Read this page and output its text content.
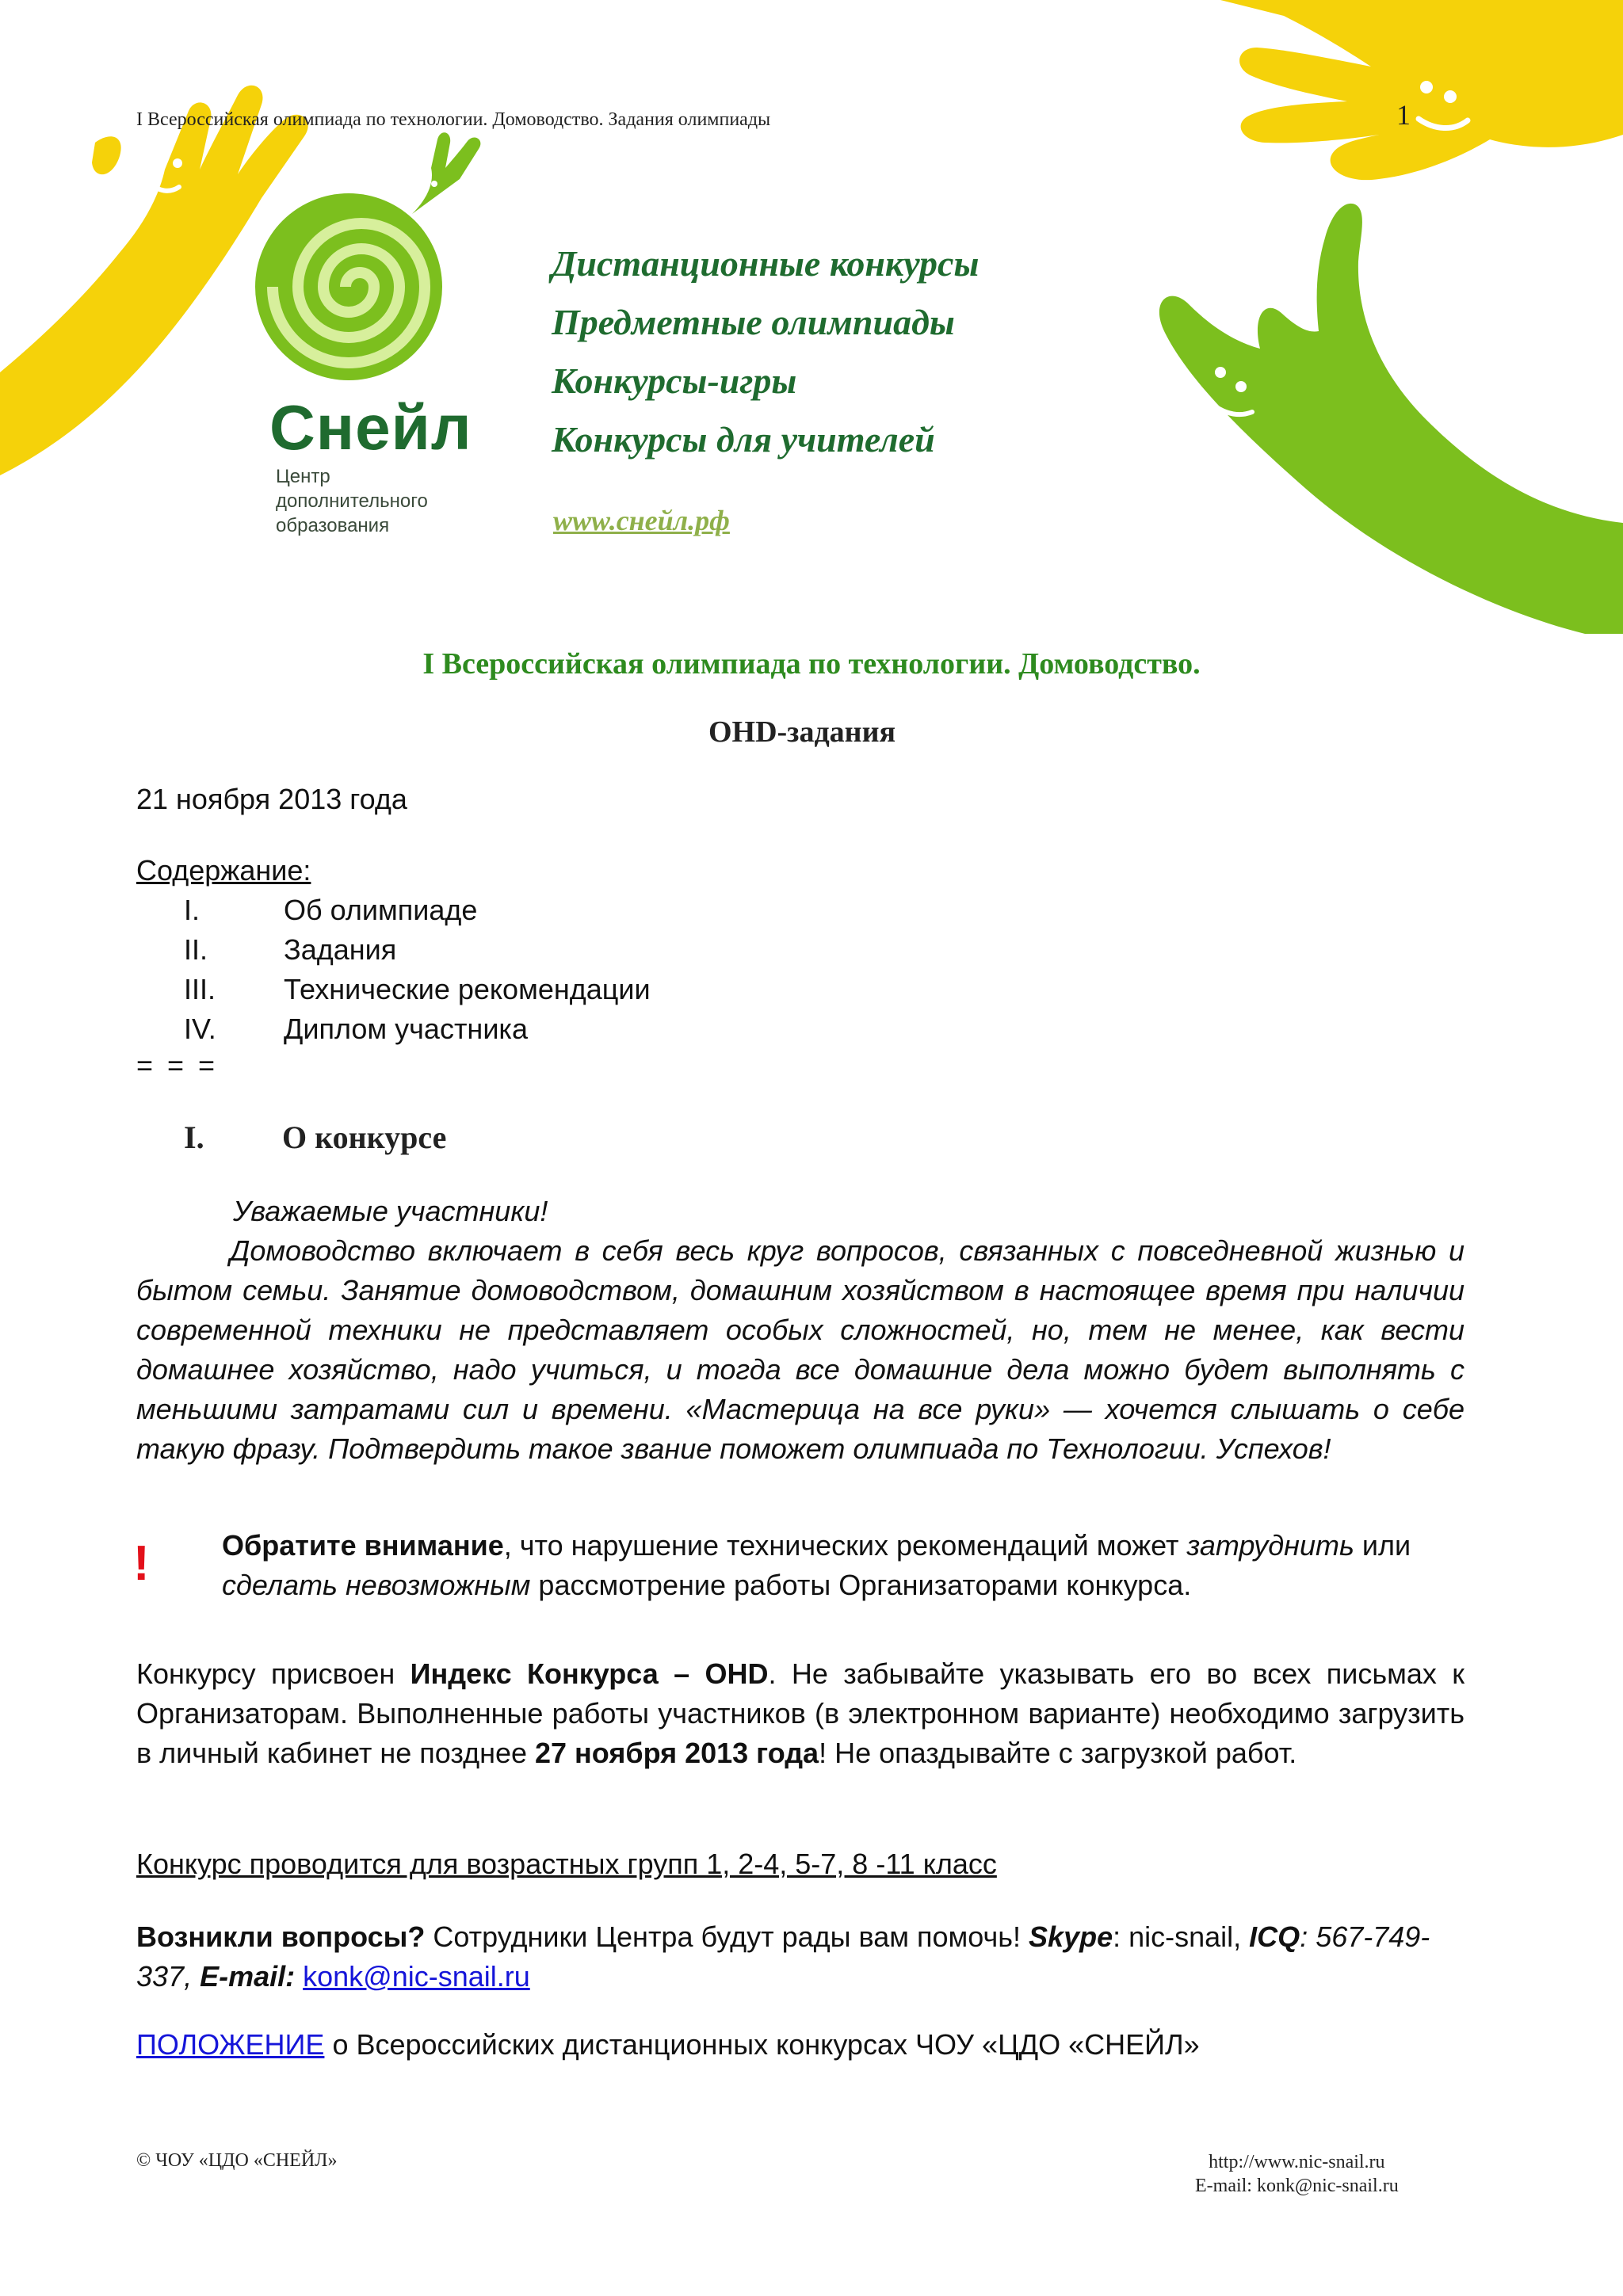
I Всероссийская олимпиада по технологии. Домоводство. Задания олимпиады	1
Снейл
Центр
дополнительного
образования
Дистанционные конкурсы
Предметные олимпиады
Конкурсы-игры
Конкурсы для учителей
www.снейл.рф
I Всероссийская олимпиада по технологии. Домоводство.
OHD-задания
21 ноября 2013 года
Содержание:
I.	Об олимпиаде
II.	Задания
III. Технические рекомендации
IV. Диплом участника
= = =
I. О конкурсе

Уважаемые участники!

Домоводство включает в себя весь круг вопросов, связанных с повседневной жизнью и бытом семьи. Занятие домоводством, домашним хозяйством в настоящее время при наличии современной техники не представляет особых сложностей, но, тем не менее, как вести домашнее хозяйство, надо учиться, и тогда все домашние дела можно будет выполнять с меньшими затратами сил и времени. «Мастерица на все руки» — хочется слышать о себе такую фразу. Подтвердить такое звание поможет олимпиада по Технологии. Успехов!

!	Обратите внимание, что нарушение технических рекомендаций может затруднить или сделать невозможным рассмотрение работы Организаторами конкурса.
Конкурсу присвоен Индекс Конкурса – OHD. Не забывайте указывать его во всех письмах к Организаторам. Выполненные работы участников (в электронном варианте) необходимо загрузить в личный кабинет не позднее 27 ноября 2013 года! Не опаздывайте с загрузкой работ.
Конкурс проводится для возрастных групп 1, 2-4, 5-7, 8 -11 класс
Возникли вопросы? Сотрудники Центра будут рады вам помочь! Skype: nic-snail, ICQ: 567-749-337, E-mail: konk@nic-snail.ru
ПОЛОЖЕНИЕ о Всероссийских дистанционных конкурсах ЧОУ «ЦДО «СНЕЙЛ»
© ЧОУ «ЦДО «СНЕЙЛ»	http://www.nic-snail.ru
E-mail: konk@nic-snail.ru
